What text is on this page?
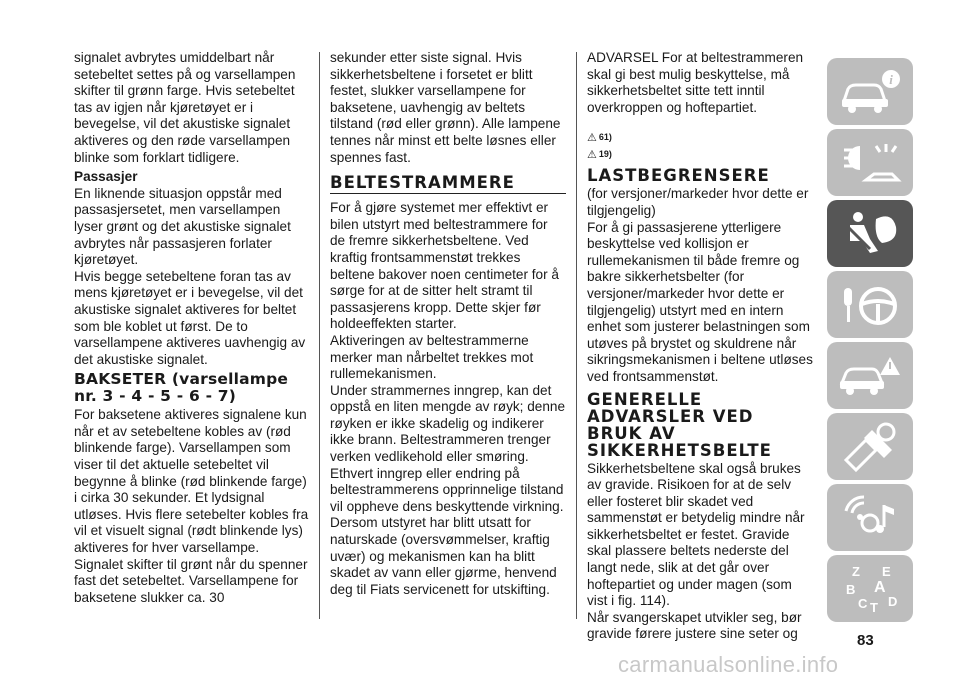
signalet avbrytes umiddelbart når setebeltet settes på og varsellampen skifter til grønn farge. Hvis setebeltet tas av igjen når kjøretøyet er i bevegelse, vil det akustiske signalet aktiveres og den røde varsellampen blinke som forklart tidligere.

Passasjer

En liknende situasjon oppstår med passasjersetet, men varsellampen lyser grønt og det akustiske signalet avbrytes når passasjeren forlater kjøretøyet.

Hvis begge setebeltene foran tas av mens kjøretøyet er i bevegelse, vil det akustiske signalet aktiveres for beltet som ble koblet ut først. De to varsellampene aktiveres uavhengig av det akustiske signalet.

BAKSETER (varsellampe nr. 3 - 4 - 5 - 6 - 7)

For baksetene aktiveres signalene kun når et av setebeltene kobles av (rød blinkende farge). Varsellampen som viser til det aktuelle setebeltet vil begynne å blinke (rød blinkende farge) i cirka 30 sekunder. Et lydsignal utløses. Hvis flere setebelter kobles fra vil et visuelt signal (rødt blinkende lys) aktiveres for hver varsellampe.

Signalet skifter til grønt når du spenner fast det setebeltet. Varsellampene for baksetene slukker ca. 30

sekunder etter siste signal. Hvis sikkerhetsbeltene i forsetet er blitt festet, slukker varsellampene for baksetene, uavhengig av beltets tilstand (rød eller grønn). Alle lampene tennes når minst ett belte løsnes eller spennes fast.

BELTESTRAMMERE

For å gjøre systemet mer effektivt er bilen utstyrt med beltestrammere for de fremre sikkerhetsbeltene. Ved kraftig frontsammenstøt trekkes beltene bakover noen centimeter for å sørge for at de sitter helt stramt til passasjerens kropp. Dette skjer før holdeeffekten starter.

Aktiveringen av beltestrammerne merker man nårbeltet trekkes mot rullemekanismen.

Under strammernes inngrep, kan det oppstå en liten mengde av røyk; denne røyken er ikke skadelig og indikerer ikke brann. Beltestrammeren trenger verken vedlikehold eller smøring.

Ethvert inngrep eller endring på beltestrammerens opprinnelige tilstand vil oppheve dens beskyttende virkning. Dersom utstyret har blitt utsatt for naturskade (oversvømmelser, kraftig uvær) og mekanismen kan ha blitt skadet av vann eller gjørme, henvend deg til Fiats servicenett for utskifting.

ADVARSEL For at beltestrammeren skal gi best mulig beskyttelse, må sikkerhetsbeltet sitte tett inntil overkroppen og hoftepartiet.

⚠ 61)
⚠ 19)
LASTBEGRENSERE

(for versjoner/markeder hvor dette er tilgjengelig)

For å gi passasjerene ytterligere beskyttelse ved kollisjon er rullemekanismen til både fremre og bakre sikkerhetsbelter (for versjoner/markeder hvor dette er tilgjengelig) utstyrt med en intern enhet som justerer belastningen som utøves på brystet og skuldrene når sikringsmekanismen i beltene utløses ved frontsammenstøt.

GENERELLE ADVARSLER VED BRUK AV SIKKERHETSBELTE

Sikkerhetsbeltene skal også brukes av gravide. Risikoen for at de selv eller fosteret blir skadet ved sammenstøt er betydelig mindre når sikkerhetsbeltet er festet. Gravide skal plassere beltets nederste del langt nede, slik at det går over hoftepartiet og under magen (som vist i fig. 114).

Når svangerskapet utvikler seg, bør gravide førere justere sine seter og

i
Z E
B A
C T D
83
carmanualsonline.info
